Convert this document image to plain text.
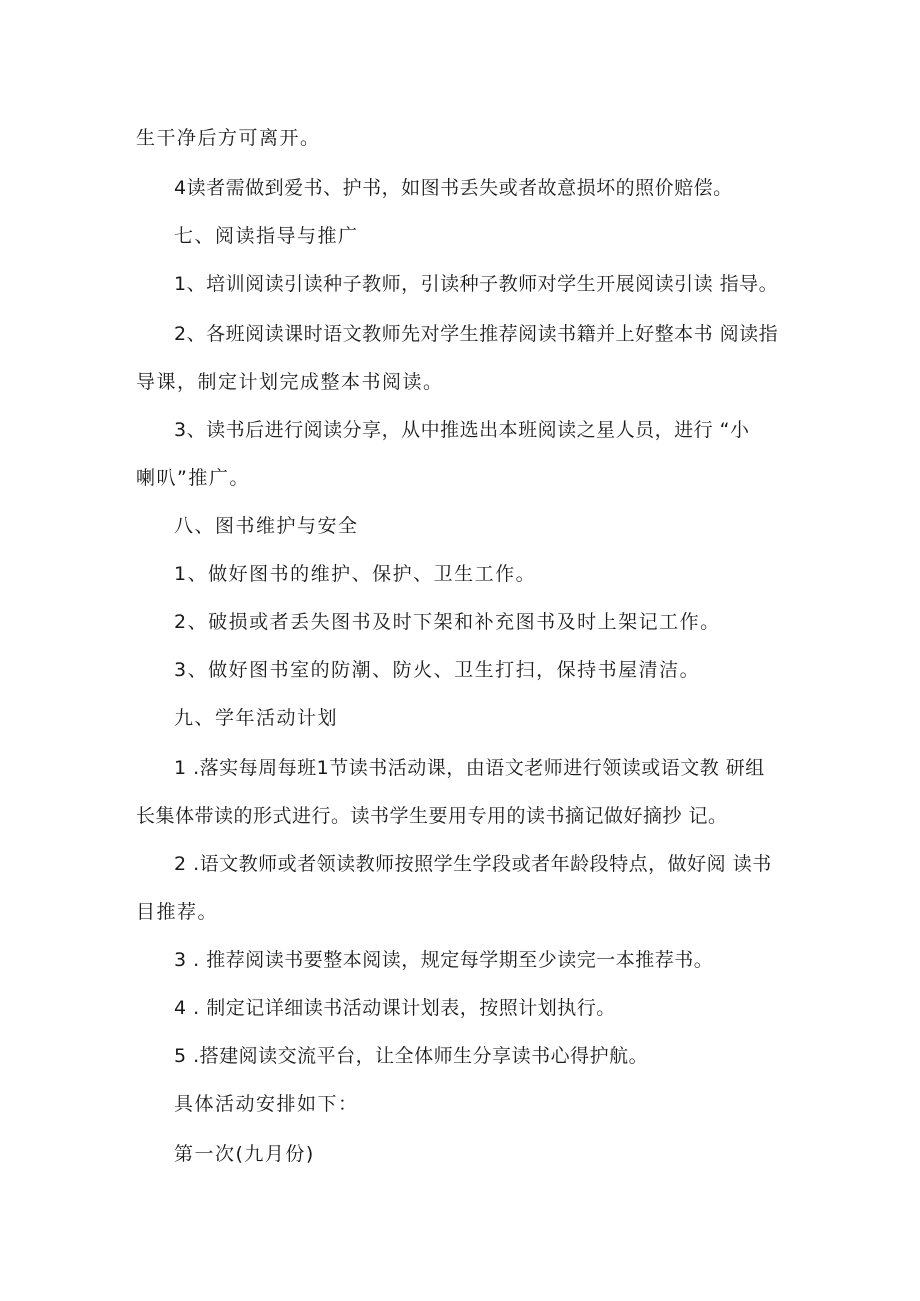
生干净后方可离开。
4读者需做到爱书、护书，如图书丢失或者故意损坏的照价赔偿。
七、阅读指导与推广
1、培训阅读引读种子教师，引读种子教师对学生开展阅读引读 指导。
2、各班阅读课时语文教师先对学生推荐阅读书籍并上好整本书 阅读指
导课，制定计划完成整本书阅读。
3、读书后进行阅读分享，从中推选出本班阅读之星人员，进行 “小
喇叭”推广。
八、图书维护与安全
1、做好图书的维护、保护、卫生工作。
2、破损或者丢失图书及时下架和补充图书及时上架记工作。
3、做好图书室的防潮、防火、卫生打扫，保持书屋清洁。
九、学年活动计划
1 .落实每周每班1节读书活动课，由语文老师进行领读或语文教 研组
长集体带读的形式进行。读书学生要用专用的读书摘记做好摘抄 记。
2 .语文教师或者领读教师按照学生学段或者年龄段特点，做好阅 读书
目推荐。
3 . 推荐阅读书要整本阅读，规定每学期至少读完一本推荐书。
4 . 制定记详细读书活动课计划表，按照计划执行。
5 .搭建阅读交流平台，让全体师生分享读书心得护航。
具体活动安排如下：
第一次(九月份)
